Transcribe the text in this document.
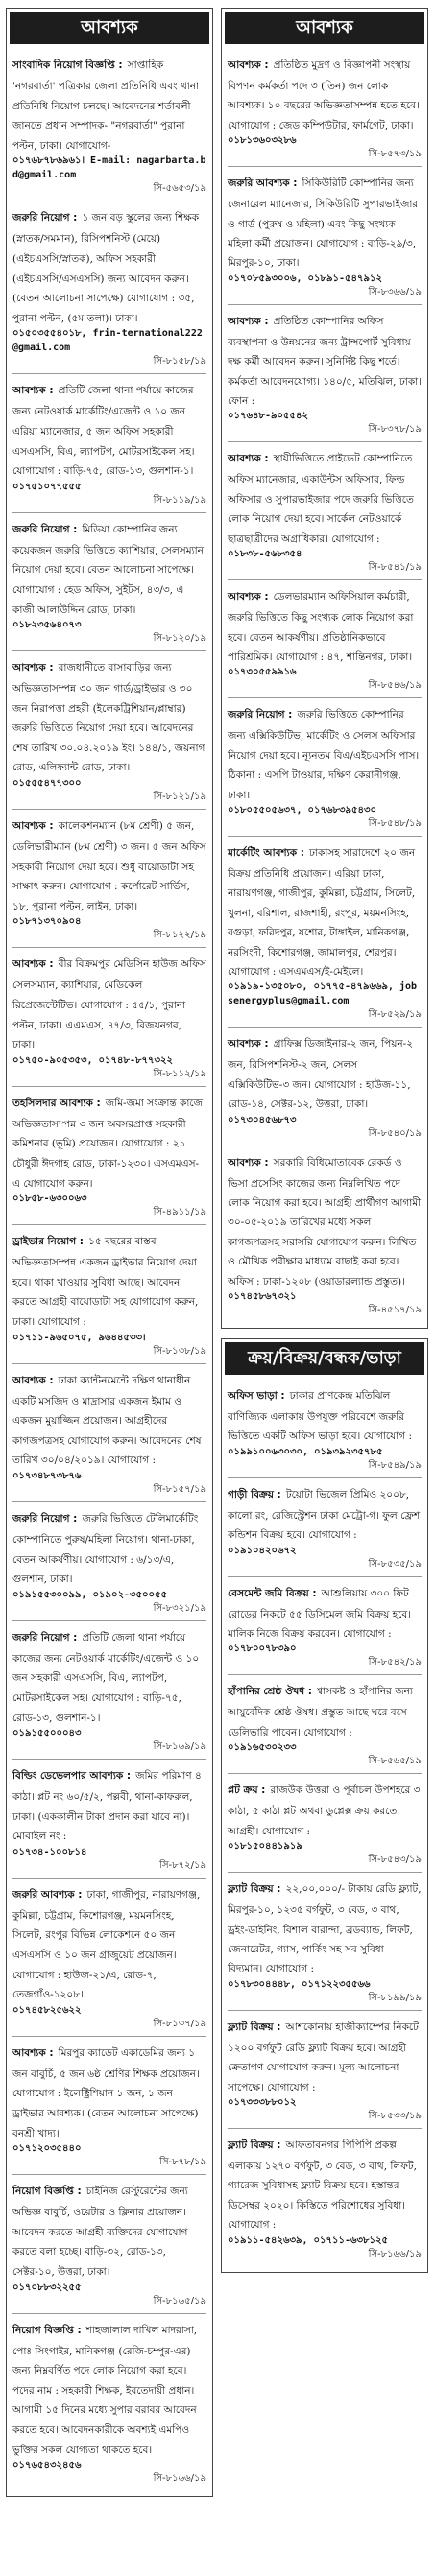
আবশ্যক
সাংবাদিক নিয়োগ বিজ্ঞপ্তি : সাপ্তাহিক 'নগরবার্তা' পত্রিকার জেলা প্রতিনিধি এবং থানা প্রতিনিধি নিয়োগ চলছে। আবেদনের শর্তাবলী জানতে প্রধান সম্পাদক- "নগরবার্তা" পুরানা পল্টন, ঢাকা। যোগাযোগ-
০১৭৬৮৭৮৬৯৬১। E-mail: nagarbarta.bd@gmail.com
সি-৫৬৫৩/১৯
জরুরি নিয়োগ : ১ জন বড় স্কুলের জন্য শিক্ষক (স্নাতক/সমমান), রিসিপশনিস্ট (মেয়ে) (এইচএসসি/স্নাতক), অফিস সহকারী (এইচএসসি/এসএসসি) জন্য আবেদন করুন। (বেতন আলোচনা সাপেক্ষে) যোগাযোগ : ৩৫, পুরানা পল্টন, (৫ম তলা)। ঢাকা।
০১৫০৩৫৫৪০১৮, frin-ternational222@gmail.com
সি-৮১৫৮/১৯
আবশ্যক : প্রতিটি জেলা থানা পর্যায়ে কাজের জন্য নেটওয়ার্ক মার্কেটিং/এজেন্ট ও ১০ জন এরিয়া ম্যানেজার, ৫ জন অফিস সহকারী এসএসসি, বিএ, ল্যাপটপ, মোটরসাইকেল সহ। যোগাযোগ : বাড়ি-৭৫, রোড-১৩, গুলশান-১।
০১৭৫১০৭৭৫৫৫
সি-৮১১৯/১৯
জরুরি নিয়োগ : মিডিয়া কোম্পানির জন্য কয়েকজন জরুরি ভিত্তিতে ক্যাশিয়ার, সেলসম্যান নিয়োগ দেয়া হবে। বেতন আলোচনা সাপেক্ষে। যোগাযোগ : হেড অফিস, সুইটস, ৪৩/৩, এ কাজী আলাউদ্দিন রোড, ঢাকা।
০১৮২৩৫৬৪০৭৩
সি-৮১২০/১৯
আবশ্যক : রাজধানীতে বাসাবাড়ির জন্য অভিজ্ঞতাসম্পন্ন ৩০ জন গার্ড/ড্রাইভার ও ৩০ জন নিরাপত্তা প্রহরী (ইলেকট্রিশিয়ান/প্লাম্বার) জরুরি ভিত্তিতে নিয়োগ দেয়া হবে। আবেদনের শেষ তারিখ ৩০.০৪.২০১৯ ইং। ১৪৪/১, জয়নাগ রোড, এলিফ্যান্ট রোড, ঢাকা।
০১৫৫৫৪৭৭৩০০
সি-৮১২১/১৯
আবশ্যক : কালেকশনম্যান (৮ম শ্রেণী) ৫ জন, ডেলিভারীম্যান (৮ম শ্রেণী) ৩ জন। ৫ জন অফিস সহকারী নিয়োগ দেয়া হবে। শুধু বায়োডাটা সহ সাক্ষাৎ করুন। যোগাযোগ : কর্পোরেট সার্ভিস, ১৮, পুরানা পল্টন, লাইন, ঢাকা।
০১৮৭১৩৭০৯০৪
সি-৮১২২/১৯
আবশ্যক : বীর বিক্রমপুর মেডিসিন হাউজ অফিস সেলসম্যান, ক্যাশিয়ার, মেডিকেল রিপ্রেজেন্টেটিভ। যোগাযোগ : ৫৫/১, পুরানা পল্টন, ঢাকা। এএমএস, ৪৭/৩, বিজয়নগর, ঢাকা।
০১৭৫০-৯০৫৩৫৩, ০১৭৪৮-৮৭৭৩২২
সি-৮১১২/১৯
তহসিলদার আবশ্যক : জমি-জমা সংক্রান্ত কাজে অভিজ্ঞতাসম্পন্ন ৩ জন অবসরপ্রাপ্ত সহকারী কমিশনার (ভূমি) প্রয়োজন। যোগাযোগ : ২১ চৌধুরী ঈদগাহ রোড, ঢাকা-১২৩০। এসএমএস-এ যোগাযোগ করুন।
০১৮৫৮-৬৩০০৬৩
সি-৪৯১১/১৯
ড্রাইভার নিয়োগ : ১৫ বছরের বাস্তব অভিজ্ঞতাসম্পন্ন একজন ড্রাইভার নিয়োগ দেয়া হবে। থাকা খাওয়ার সুবিধা আছে। আবেদন করতে আগ্রহী বায়োডাটা সহ যোগাযোগ করুন, ঢাকা। যোগাযোগ :
০১৭১১-৯৬৫০৭৫, ৯৬৪৪৫৩৩।
সি-৮১৩৮/১৯
আবশ্যক : ঢাকা ক্যান্টনমেন্টে দক্ষিণ থানাধীন একটি মসজিদ ও মাদ্রাসার একজন ইমাম ও একজন মুয়াজ্জিন প্রয়োজন। আগ্রহীদের কাগজপত্রসহ যোগাযোগ করুন। আবেদনের শেষ তারিখ ৩০/০৪/২০১৯। যোগাযোগ :
০১৭৩৪৮৭৩৮৭৬
সি-৮১৫৭/১৯
জরুরি নিয়োগ : জরুরি ভিত্তিতে টেলিমার্কেটিং কোম্পানিতে পুরুষ/মহিলা নিয়োগ। থানা-ঢাকা, বেতন আকর্ষণীয়। যোগাযোগ : ৬/১৩/এ, গুলশান, ঢাকা।
০১৯১৫৫৩০০৯৯, ০১৯০২-৩৫০০৫৫
সি-৮৩২১/১৯
জরুরি নিয়োগ : প্রতিটি জেলা থানা পর্যায়ে কাজের জন্য নেটওয়ার্ক মার্কেটিং/এজেন্ট ও ১০ জন সহকারী এসএসসি, বিএ, ল্যাপটপ, মোটরসাইকেল সহ। যোগাযোগ : বাড়ি-৭৫, রোড-১৩, গুলশান-১।
০১৯১৫৫০০০৪৩
সি-৮১৬৯/১৯
বিল্ডিং ডেভেলপার আবশ্যক : জমির পরিমাণ ৪ কাঠা। প্লট নং ৬০/৫/২, পল্লবী, থানা-কাফরুল, ঢাকা। (এককালীন টাকা প্রদান করা যাবে না)। মোবাইল নং :
০১৭৩৪-১০০৮১৪
সি-৮৭২/১৯
জরুরি আবশ্যক : ঢাকা, গাজীপুর, নারায়ণগঞ্জ, কুমিল্লা, চট্টগ্রাম, কিশোরগঞ্জ, ময়মনসিংহ, সিলেট, রংপুর বিভিন্ন লোকেশনে ৫০ জন এসএসসি ও ১০ জন গ্রাজুয়েট প্রয়োজন। যোগাযোগ : হাউজ-২১/এ, রোড-৭, তেজগাঁও-১২০৮।
০১৭৪৫৮২৫৬২২
সি-৮১৩৭/১৯
আবশ্যক : মিরপুর ক্যাডেট একাডেমির জন্য ১ জন বাবুর্চি, ৫ জন ৬ষ্ঠ শ্রেণির শিক্ষক প্রয়োজন। যোগাযোগ : ইলেক্ট্রিশিয়ান ১ জন, ১ জন ড্রাইভার আবশ্যক। (বেতন আলোচনা সাপেক্ষে) বনশ্রী খাদ্য।
০১৭১২০৩৫৪৪০
সি-৮৭৮/১৯
নিয়োগ বিজ্ঞপ্তি : চাইনিজ রেস্টুরেন্টের জন্য অভিজ্ঞ বাবুর্চি, ওয়েটার ও ক্লিনার প্রয়োজন। আবেদন করতে আগ্রহী ব্যক্তিদের যোগাযোগ করতে বলা হচ্ছে। বাড়ি-৩২, রোড-১৩, সেক্টর-১০, উত্তরা, ঢাকা।
০১৭০৮৮৩২২৫৫
সি-৮১৬৫/১৯
নিয়োগ বিজ্ঞপ্তি : শাহজালাল দাখিল মাদরাসা, পোঃ সিংগাইর, মানিকগঞ্জ (রেজি-চম্পুর-এর) জন্য নিম্নবর্ণিত পদে লোক নিয়োগ করা হবে। পদের নাম : সহকারী শিক্ষক, ইবতেদায়ী প্রধান। আগামী ১৫ দিনের মধ্যে সুপার বরাবর আবেদন করতে হবে। আবেদনকারীকে অবশ্যই এমপিও ভুক্তির সকল যোগ্যতা থাকতে হবে।
০১৭৬৫৪৩২৪৫৬
সি-৮১৬৬/১৯
আবশ্যক
আবশ্যক : প্রতিষ্ঠিত মুদ্রণ ও বিজ্ঞাপনী সংস্থায় বিপণন কর্মকর্তা পদে ৩ (তিন) জন লোক আবশ্যক। ১০ বছরের অভিজ্ঞতাসম্পন্ন হতে হবে। যোগাযোগ : জেড কম্পিউটার, ফার্মগেট, ঢাকা।
০১৮১৩৬০৩২৮৬
সি-৮৫৭৩/১৯
জরুরি আবশ্যক : সিকিউরিটি কোম্পানির জন্য জেনারেল ম্যানেজার, সিকিউরিটি সুপারভাইজার ও গার্ড (পুরুষ ও মহিলা) এবং কিছু সংখ্যক মহিলা কর্মী প্রয়োজন। যোগাযোগ : বাড়ি-২৯/৩, মিরপুর-১০, ঢাকা।
০১৭০৮৫৯৩০০৬, ০১৮৯১-৫৪৭৯১২
সি-৮৩৬৬/১৯
আবশ্যক : প্রতিষ্ঠিত কোম্পানির অফিস ব্যবস্থাপনা ও উন্নয়নের জন্য ট্রান্সপোর্ট সুবিধায় দক্ষ কর্মী আবেদন করুন। সুনির্দিষ্ট কিছু শর্তে। কর্মকর্তা আবেদনযোগ্য। ১৪০/৫, মতিঝিল, ঢাকা। ফোন :
০১৭৬৪৮-৯০৫৫৪২
সি-৮৩৭৮/১৯
আবশ্যক : স্থায়ীভিত্তিতে প্রাইভেট কোম্পানিতে অফিস ম্যানেজার, একাউন্টস অফিসার, ফিল্ড অফিসার ও সুপারভাইজার পদে জরুরি ভিত্তিতে লোক নিয়োগ দেয়া হবে। সার্কেল নেটওয়ার্কে ছাত্রছাত্রীদের অগ্রাধিকার। যোগাযোগ :
০১৮৩৮-৫৬৮৩৫৪
সি-৮৫৪১/১৯
আবশ্যক : ডেলভারম্যান অফিসিয়াল কর্মচারী, জরুরি ভিত্তিতে কিছু সংখ্যক লোক নিয়োগ করা হবে। বেতন আকর্ষণীয়। প্রতিষ্ঠানিকভাবে পারিশ্রমিক। যোগাযোগ : ৪৭, শান্তিনগর, ঢাকা।
০১৭৩০৫৫৯৯১৬
সি-৮৫৪৬/১৯
জরুরি নিয়োগ : জরুরি ভিত্তিতে কোম্পানির জন্য এক্সিকিউটিভ, মার্কেটিং ও সেলস অফিসার নিয়োগ দেয়া হবে। ন্যূনতম বিএ/এইচএসসি পাস। ঠিকানা : এসপি টাওয়ার, দক্ষিণ কেরানীগঞ্জ, ঢাকা।
০১৮০৫৫০৫৬৩৭, ০১৭৬৮৩৯৫৪৩০
সি-৮৫৪৮/১৯
মার্কেটিং আবশ্যক : ঢাকাসহ সারাদেশে ২০ জন বিক্রয় প্রতিনিধি প্রয়োজন। এরিয়া ঢাকা, নারায়ণগঞ্জ, গাজীপুর, কুমিল্লা, চট্টগ্রাম, সিলেট, খুলনা, বরিশাল, রাজশাহী, রংপুর, ময়মনসিংহ, বগুড়া, ফরিদপুর, যশোর, টাঙ্গাইল, মানিকগঞ্জ, নরসিংদী, কিশোরগঞ্জ, জামালপুর, শেরপুর। যোগাযোগ : এসএমএস/ই-মেইলে।
০১৯১৯-১৩৫০৮০, ০১৭৭৫-৪৭৯৬৬৯, jobsenergyplus@gmail.com
সি-৮৫২৯/১৯
আবশ্যক : গ্রাফিক্স ডিজাইনার-২ জন, পিয়ন-২ জন, রিসিপশনিস্ট-২ জন, সেলস এক্সিকিউটিভ-৩ জন। যোগাযোগ : হাউজ-১১, রোড-১৪, সেক্টর-১২, উত্তরা, ঢাকা।
০১৭৩০৪৫৬৮৭৩
সি-৮৫৪০/১৯
আবশ্যক : সরকারি বিধিমোতাবেক রেকর্ড ও ভিসা প্রসেসিং কাজের জন্য নিম্নলিখিত পদে লোক নিয়োগ করা হবে। আগ্রহী প্রার্থীগণ আগামী ৩০-০৫-২০১৯ তারিখের মধ্যে সকল কাগজপত্রসহ সরাসরি যোগাযোগ করুন। লিখিত ও মৌখিক পরীক্ষার মাধ্যমে বাছাই করা হবে। অফিস : ঢাকা-১২০৮ (ওয়াডারল্যান্ড প্রস্তুত)।
০১৭৪৫৮৬৭৩২১
সি-৪৫১৭/১৯
ক্রয়/বিক্রয়/বন্ধক/ভাড়া
অফিস ভাড়া : ঢাকার প্রাণকেন্দ্র মতিঝিল বাণিজ্যিক এলাকায় উপযুক্ত পরিবেশে জরুরি ভিত্তিতে একটি অফিস ভাড়া হবে। যোগাযোগ :
০১৯৯১০০৬৩০৩০, ০১৯৩৯২৩৫৭৮৫
সি-৮৫৪৯/১৯
গাড়ী বিক্রয় : টয়োটা ভিজেল প্রিমিও ২০০৮, কালো রং, রেজিস্ট্রেশন ঢাকা মেট্রো-গ। ফুল ফ্রেশ কন্ডিশন বিক্রয় হবে। যোগাযোগ :
০১৯১০৪২০৬৭২
সি-৮৫৩৫/১৯
বেসমেন্ট জমি বিক্রয় : আশুলিয়ায় ৩০০ ফিট রোডের নিকটে ৫৫ ডিসিমেল জমি বিক্রয় হবে। মালিক নিজে বিক্রয় করবেন। যোগাযোগ :
০১৭৮০০৭৮৩৯০
সি-৮৫৪২/১৯
হাঁপানির শ্রেষ্ঠ ঔষধ : শ্বাসকষ্ট ও হাঁপানির জন্য আয়ুর্বেদিক শ্রেষ্ঠ ঔষধ। প্রস্তুত আছে ঘরে বসে ডেলিভারি পাবেন। যোগাযোগ :
০১৯১৬৫৩০২৩৩
সি-৮৫৬৫/১৯
প্লট ক্রয় : রাজউক উত্তরা ও পূর্বাচল উপশহরে ৩ কাঠা, ৫ কাঠা প্লট অথবা ডুপ্লেক্স ক্রয় করতে আগ্রহী। যোগাযোগ :
০১৮১৫০৪৪১৯১৯
সি-৮৫৪৩/১৯
ফ্ল্যাট বিক্রয় : ২২,০০,০০০/- টাকায় রেডি ফ্ল্যাট, মিরপুর-১০, ১২৩৫ বর্গফুট, ৩ বেড, ৩ বাথ, ড্রইং-ডাইনিং, বিশাল বারান্দা, ব্রডব্যান্ড, লিফট, জেনারেটর, গ্যাস, পার্কিং সহ সব সুবিধা বিদ্যমান। যোগাযোগ :
০১৭৮৩০৪৪৪৮, ০১৭১২২৩৫৫৬৬
সি-৮১৯৯/১৯
ফ্ল্যাট বিক্রয় : আশকোনায় হাজীক্যাম্পের নিকটে ১২০০ বর্গফুট রেডি ফ্ল্যাট বিক্রয় হবে। আগ্রহী ক্রেতাগণ যোগাযোগ করুন। মূল্য আলোচনা সাপেক্ষে। যোগাযোগ :
০১৭৩৩৩৮৮০১২
সি-৮৫৩৩/১৯
ফ্ল্যাট বিক্রয় : আফতাবনগর পিপিপি প্রকল্প এলাকায় ১২৭০ বর্গফুট, ৩ বেড, ৩ বাথ, লিফট, গ্যারেজ সুবিধাসহ ফ্ল্যাট বিক্রয় হবে। হস্তান্তর ডিসেম্বর ২০২০। কিস্তিতে পরিশোধের সুবিধা। যোগাযোগ :
০১৯১১-৫৪২৬৩৯, ০১৭১১-৬৩৮১২৫
সি-৮১৬৬/১৯
